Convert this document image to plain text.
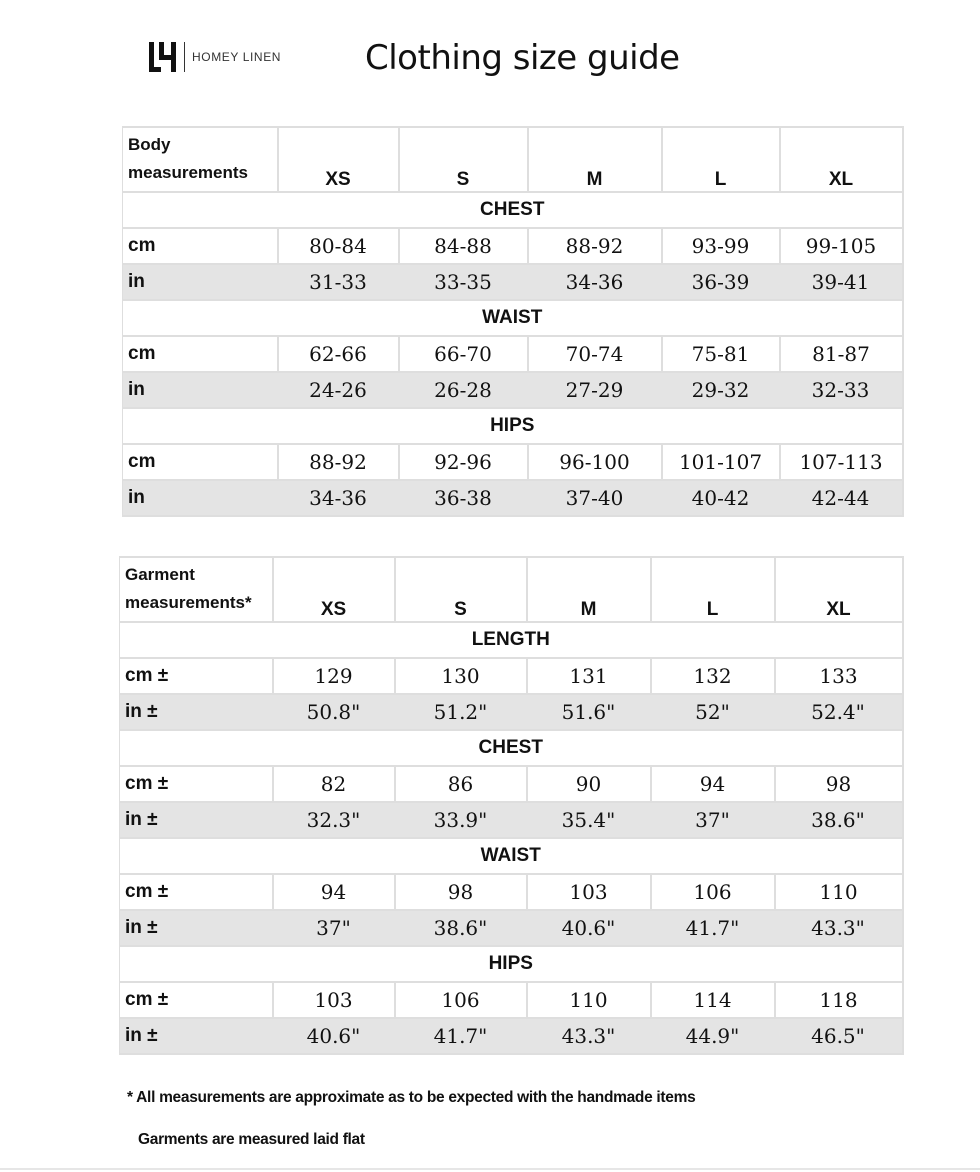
HOMEY LINEN Clothing size guide
Body
measurements	XS	S	M	L	XL
CHEST					
cm	80-84	84-88	88-92	93-99	99-105
in	31-33	33-35	34-36	36-39	39-41
WAIST					
cm	62-66	66-70	70-74	75-81	81-87
in	24-26	26-28	27-29	29-32	32-33
HIPS					
cm	88-92	92-96	96-100	101-107	107-113
in	34-36	36-38	37-40	40-42	42-44
Garment
measurements*	XS	S	M	L	XL
LENGTH					
cm ±	129	130	131	132	133
in ±	50.8"	51.2"	51.6"	52"	52.4"
CHEST					
cm ±	82	86	90	94	98
in ±	32.3"	33.9"	35.4"	37"	38.6"
WAIST					
cm ±	94	98	103	106	110
in ±	37"	38.6"	40.6"	41.7"	43.3"
HIPS					
cm ±	103	106	110	114	118
in ±	40.6"	41.7"	43.3"	44.9"	46.5"

* All measurements are approximate as to be expected with the handmade items

Garments are measured laid flat
